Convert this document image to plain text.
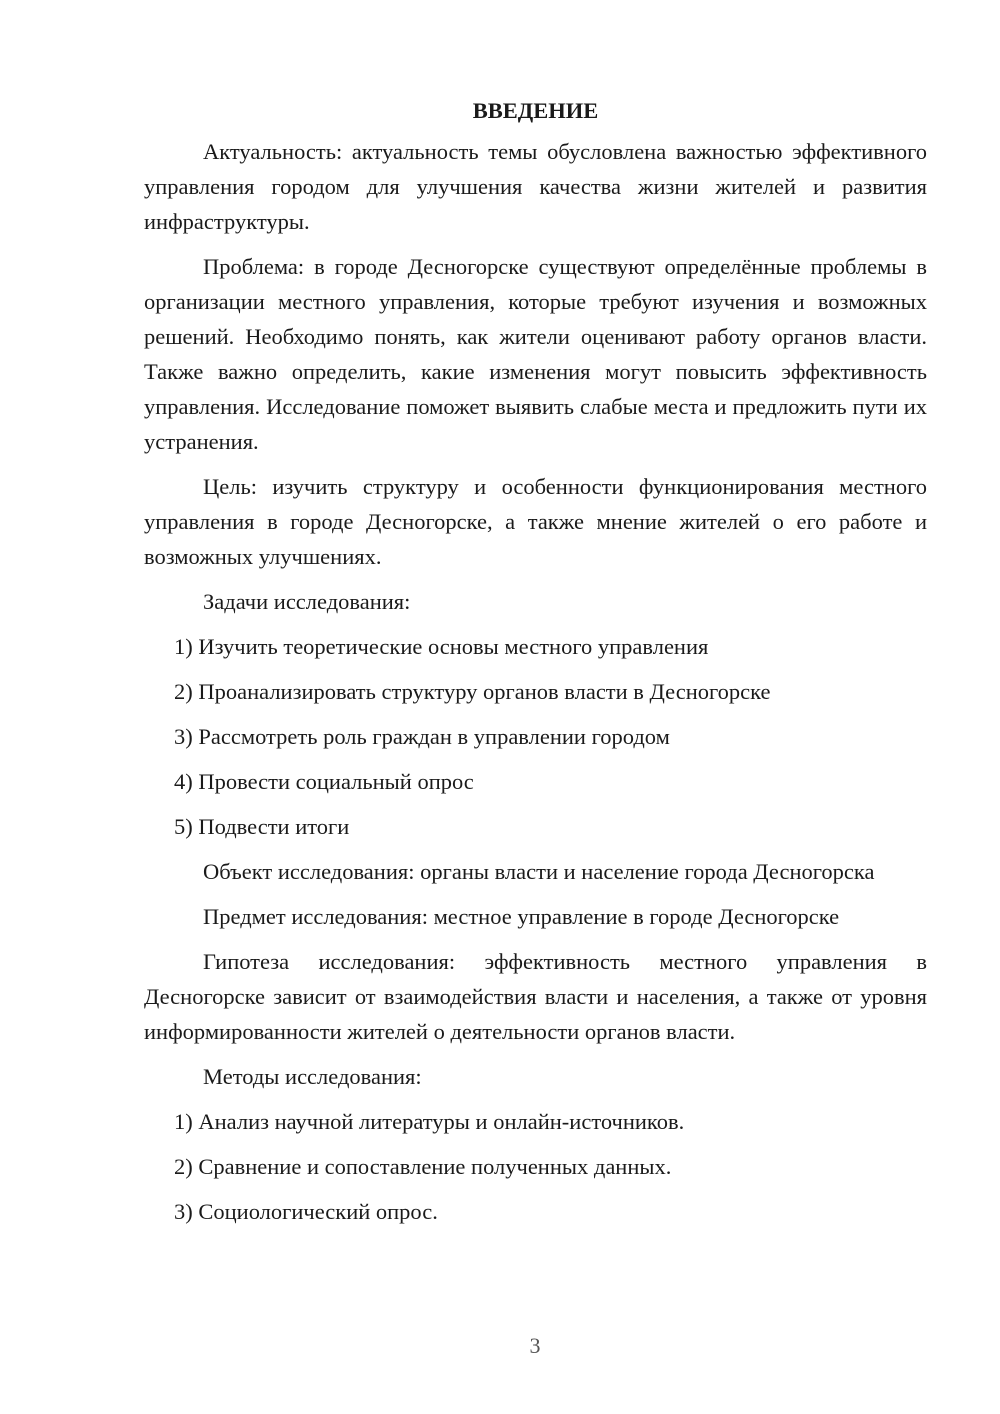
ВВЕДЕНИЕ

Актуальность: актуальность темы обусловлена важностью эффективного управления городом для улучшения качества жизни жителей и развития инфраструктуры.

Проблема: в городе Десногорске существуют определённые проблемы в организации местного управления, которые требуют изучения и возможных решений. Необходимо понять, как жители оценивают работу органов власти. Также важно определить, какие изменения могут повысить эффективность управления. Исследование поможет выявить слабые места и предложить пути их устранения.

Цель: изучить структуру и особенности функционирования местного управления в городе Десногорске, а также мнение жителей о его работе и возможных улучшениях.

Задачи исследования:

1) Изучить теоретические основы местного управления
2) Проанализировать структуру органов власти в Десногорске
3) Рассмотреть роль граждан в управлении городом
4) Провести социальный опрос
5) Подвести итоги

Объект исследования: органы власти и население города Десногорска

Предмет исследования: местное управление в городе Десногорске

Гипотеза исследования: эффективность местного управления в Десногорске зависит от взаимодействия власти и населения, а также от уровня информированности жителей о деятельности органов власти.

Методы исследования:

1) Анализ научной литературы и онлайн-источников.
2) Сравнение и сопоставление полученных данных.
3) Социологический опрос.
3
